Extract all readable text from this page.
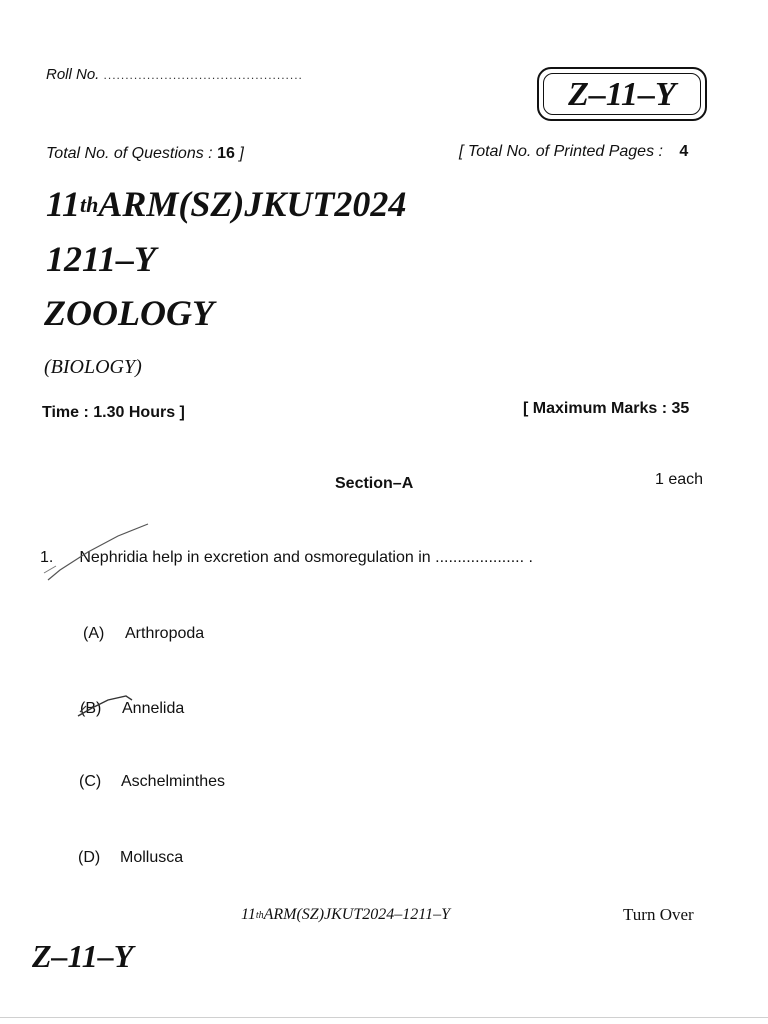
Roll No. ..............................................
Z–11–Y
Total No. of Questions : 16 ]	[ Total No. of Printed Pages : 4
11thARM(SZ)JKUT2024
1211–Y
ZOOLOGY
(BIOLOGY)
Time : 1.30 Hours ]	[ Maximum Marks : 35
Section–A	1 each
1. Nephridia help in excretion and osmoregulation in .................... .
(A) Arthropoda
(B) Annelida
(C) Aschelminthes
(D) Mollusca
11thARM(SZ)JKUT2024–1211–Y	Turn Over
Z–11–Y
